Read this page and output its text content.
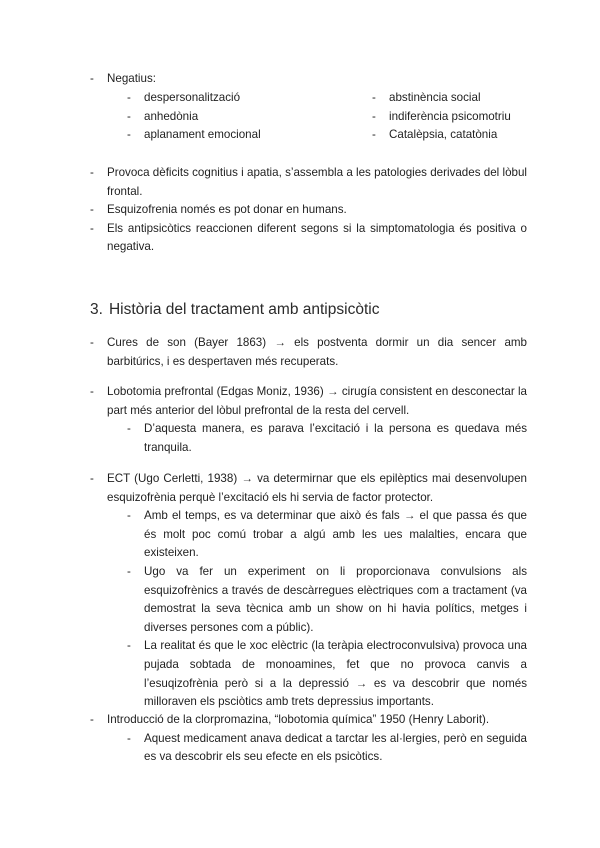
- Negatius:
- despersonalització
- anhedònia
- aplanament emocional
- abstinència social
- indiferència psicomotriu
- Catalèpsia, catatònia
- Provoca dèficits cognitius i apatia, s’assembla a les patologies derivades del lòbul frontal.
- Esquizofrenia només es pot donar en humans.
- Els antipsicòtics reaccionen diferent segons si la simptomatologia és positiva o negativa.
3. Història del tractament amb antipsicòtic
- Cures de son (Bayer 1863) → els postventa dormir un dia sencer amb barbitúrics, i es despertaven més recuperats.
- Lobotomia prefrontal (Edgas Moniz, 1936) → cirugía consistent en desconectar la part més anterior del lòbul prefrontal de la resta del cervell.
- D’aquesta manera, es parava l’excitació i la persona es quedava més tranquila.
- ECT (Ugo Cerletti, 1938) → va determirnar que els epilèptics mai desenvolupen esquizofrènia perquè l’excitació els hi servia de factor protector.
- Amb el temps, es va determinar que això és fals → el que passa és que és molt poc comú trobar a algú amb les ues malalties, encara que existeixen.
- Ugo va fer un experiment on li proporcionava convulsions als esquizofrènics a través de descàrregues elèctriques com a tractament (va demostrat la seva tècnica amb un show on hi havia polítics, metges i diverses persones com a públic).
- La realitat és que le xoc elèctric (la teràpia electroconvulsiva) provoca una pujada sobtada de monoamines, fet que no provoca canvis a l’esuqizofrènia però si a la depressió → es va descobrir que només milloraven els psciòtics amb trets depressius importants.
- Introducció de la clorpromazina, “lobotomia química” 1950 (Henry Laborit).
- Aquest medicament anava dedicat a tarctar les al·lergies, però en seguida es va descobrir els seu efecte en els psicòtics.
